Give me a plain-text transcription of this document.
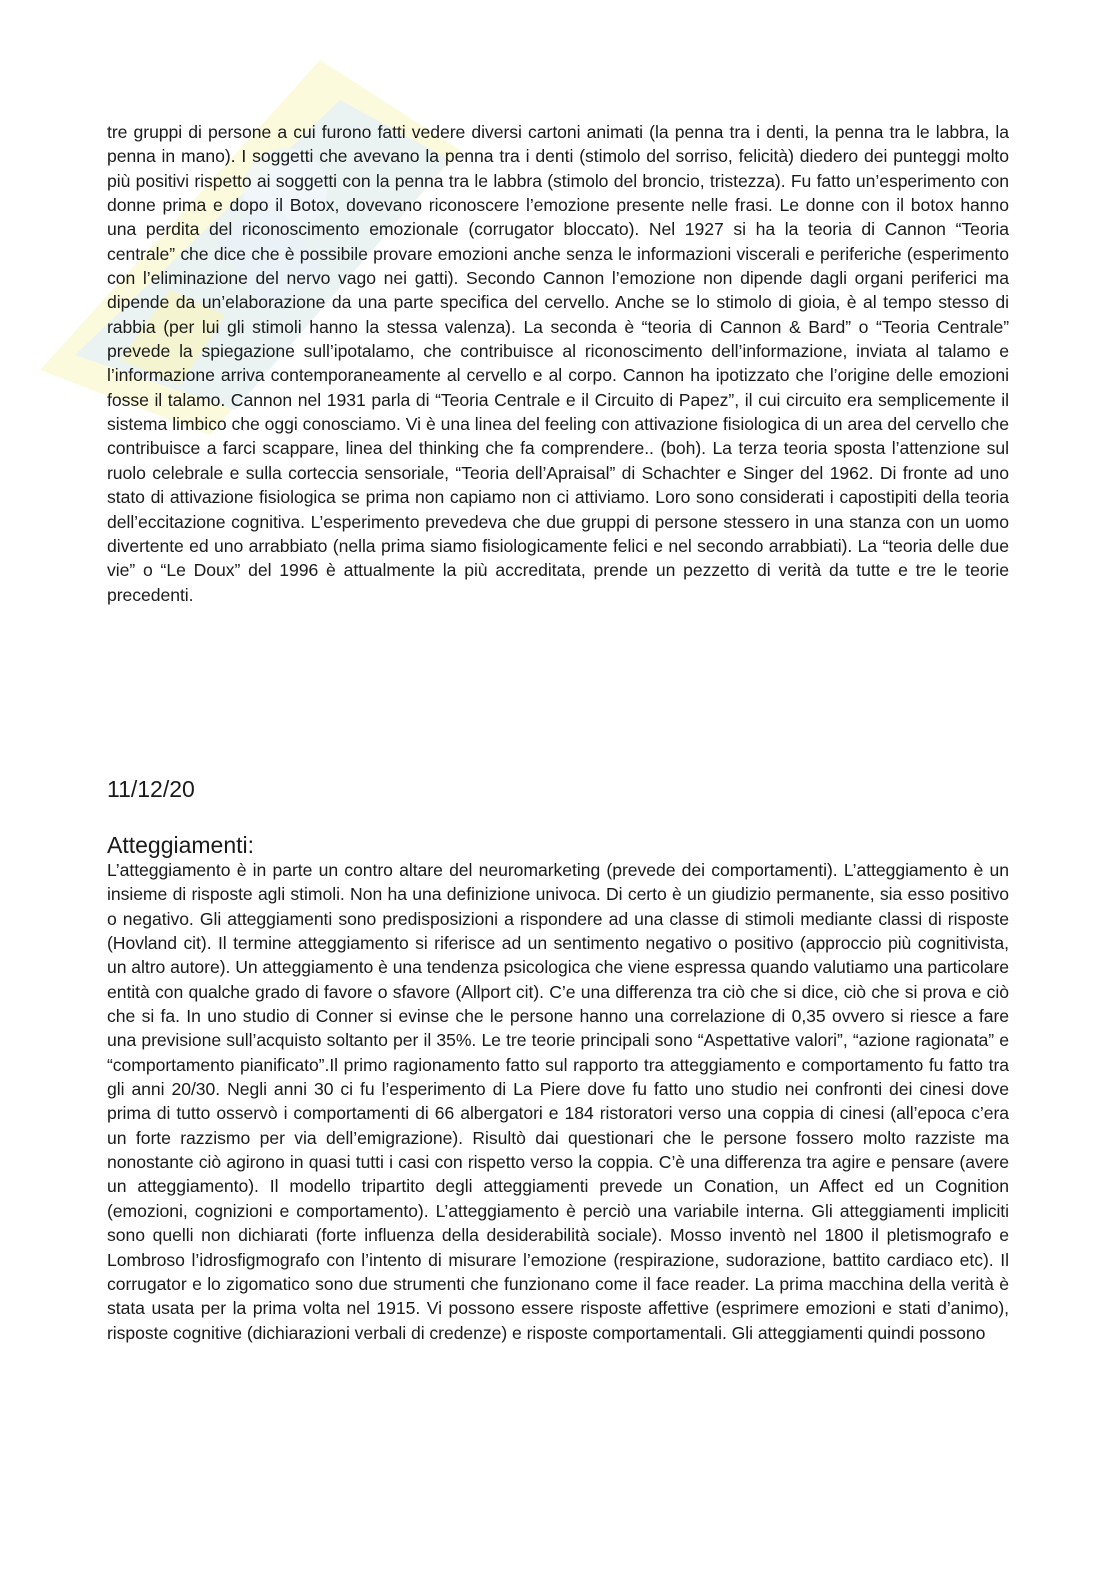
tre gruppi di persone a cui furono fatti vedere diversi cartoni animati (la penna tra i denti, la penna tra le labbra, la penna in mano). I soggetti che avevano la penna tra i denti (stimolo del sorriso, felicità) diedero dei punteggi molto più positivi rispetto ai soggetti con la penna tra le labbra (stimolo del broncio, tristezza). Fu fatto un’esperimento con donne prima e dopo il Botox, dovevano riconoscere l’emozione presente nelle frasi. Le donne con il botox hanno una perdita del riconoscimento emozionale (corrugator bloccato). Nel 1927 si ha la teoria di Cannon “Teoria centrale” che dice che è possibile provare emozioni anche senza le informazioni viscerali e periferiche (esperimento con l’eliminazione del nervo vago nei gatti). Secondo Cannon l’emozione non dipende dagli organi periferici ma dipende da un’elaborazione da una parte specifica del cervello. Anche se lo stimolo di gioia, è al tempo stesso di rabbia (per lui gli stimoli hanno la stessa valenza). La seconda è “teoria di Cannon & Bard” o “Teoria Centrale” prevede la spiegazione sull’ipotalamo, che contribuisce al riconoscimento dell’informazione, inviata al talamo e l’informazione arriva contemporaneamente al cervello e al corpo. Cannon ha ipotizzato che l’origine delle emozioni fosse il talamo. Cannon nel 1931 parla di “Teoria Centrale e il Circuito di Papez”, il cui circuito era semplicemente il sistema limbico che oggi conosciamo. Vi è una linea del feeling con attivazione fisiologica di un area del cervello che contribuisce a farci scappare, linea del thinking che fa comprendere.. (boh). La terza teoria sposta l’attenzione sul ruolo celebrale e sulla corteccia sensoriale, “Teoria dell’Apraisal” di Schachter e Singer del 1962. Di fronte ad uno stato di attivazione fisiologica se prima non capiamo non ci attiviamo. Loro sono considerati i capostipiti della teoria dell’eccitazione cognitiva. L’esperimento prevedeva che due gruppi di persone stessero in una stanza con un uomo divertente ed uno arrabbiato (nella prima siamo fisiologicamente felici e nel secondo arrabbiati). La “teoria delle due vie” o “Le Doux” del 1996 è attualmente la più accreditata, prende un pezzetto di verità da tutte e tre le teorie precedenti.

11/12/20
Atteggiamenti:

L’atteggiamento è in parte un contro altare del neuromarketing (prevede dei comportamenti). L’atteggiamento è un insieme di risposte agli stimoli. Non ha una definizione univoca. Di certo è un giudizio permanente, sia esso positivo o negativo. Gli atteggiamenti sono predisposizioni a rispondere ad una classe di stimoli mediante classi di risposte (Hovland cit). Il termine atteggiamento si riferisce ad un sentimento negativo o positivo (approccio più cognitivista, un altro autore). Un atteggiamento è una tendenza psicologica che viene espressa quando valutiamo una particolare entità con qualche grado di favore o sfavore (Allport cit). C’e una differenza tra ciò che si dice, ciò che si prova e ciò che si fa. In uno studio di Conner si evinse che le persone hanno una correlazione di 0,35 ovvero si riesce a fare una previsione sull’acquisto soltanto per il 35%. Le tre teorie principali sono “Aspettative valori”, “azione ragionata” e “comportamento pianificato”.Il primo ragionamento fatto sul rapporto tra atteggiamento e comportamento fu fatto tra gli anni 20/30. Negli anni 30 ci fu l’esperimento di La Piere dove fu fatto uno studio nei confronti dei cinesi dove prima di tutto osservò i comportamenti di 66 albergatori e 184 ristoratori verso una coppia di cinesi (all’epoca c’era un forte razzismo per via dell’emigrazione). Risultò dai questionari che le persone fossero molto razziste ma nonostante ciò agirono in quasi tutti i casi con rispetto verso la coppia. C’è una differenza tra agire e pensare (avere un atteggiamento). Il modello tripartito degli atteggiamenti prevede un Conation, un Affect ed un Cognition (emozioni, cognizioni e comportamento). L’atteggiamento è perciò una variabile interna. Gli atteggiamenti impliciti sono quelli non dichiarati (forte influenza della desiderabilità sociale). Mosso inventò nel 1800 il pletismografo e Lombroso l’idrosfigmografo con l’intento di misurare l’emozione (respirazione, sudorazione, battito cardiaco etc). Il corrugator e lo zigomatico sono due strumenti che funzionano come il face reader. La prima macchina della verità è stata usata per la prima volta nel 1915. Vi possono essere risposte affettive (esprimere emozioni e stati d’animo), risposte cognitive (dichiarazioni verbali di credenze) e risposte comportamentali. Gli atteggiamenti quindi possono
